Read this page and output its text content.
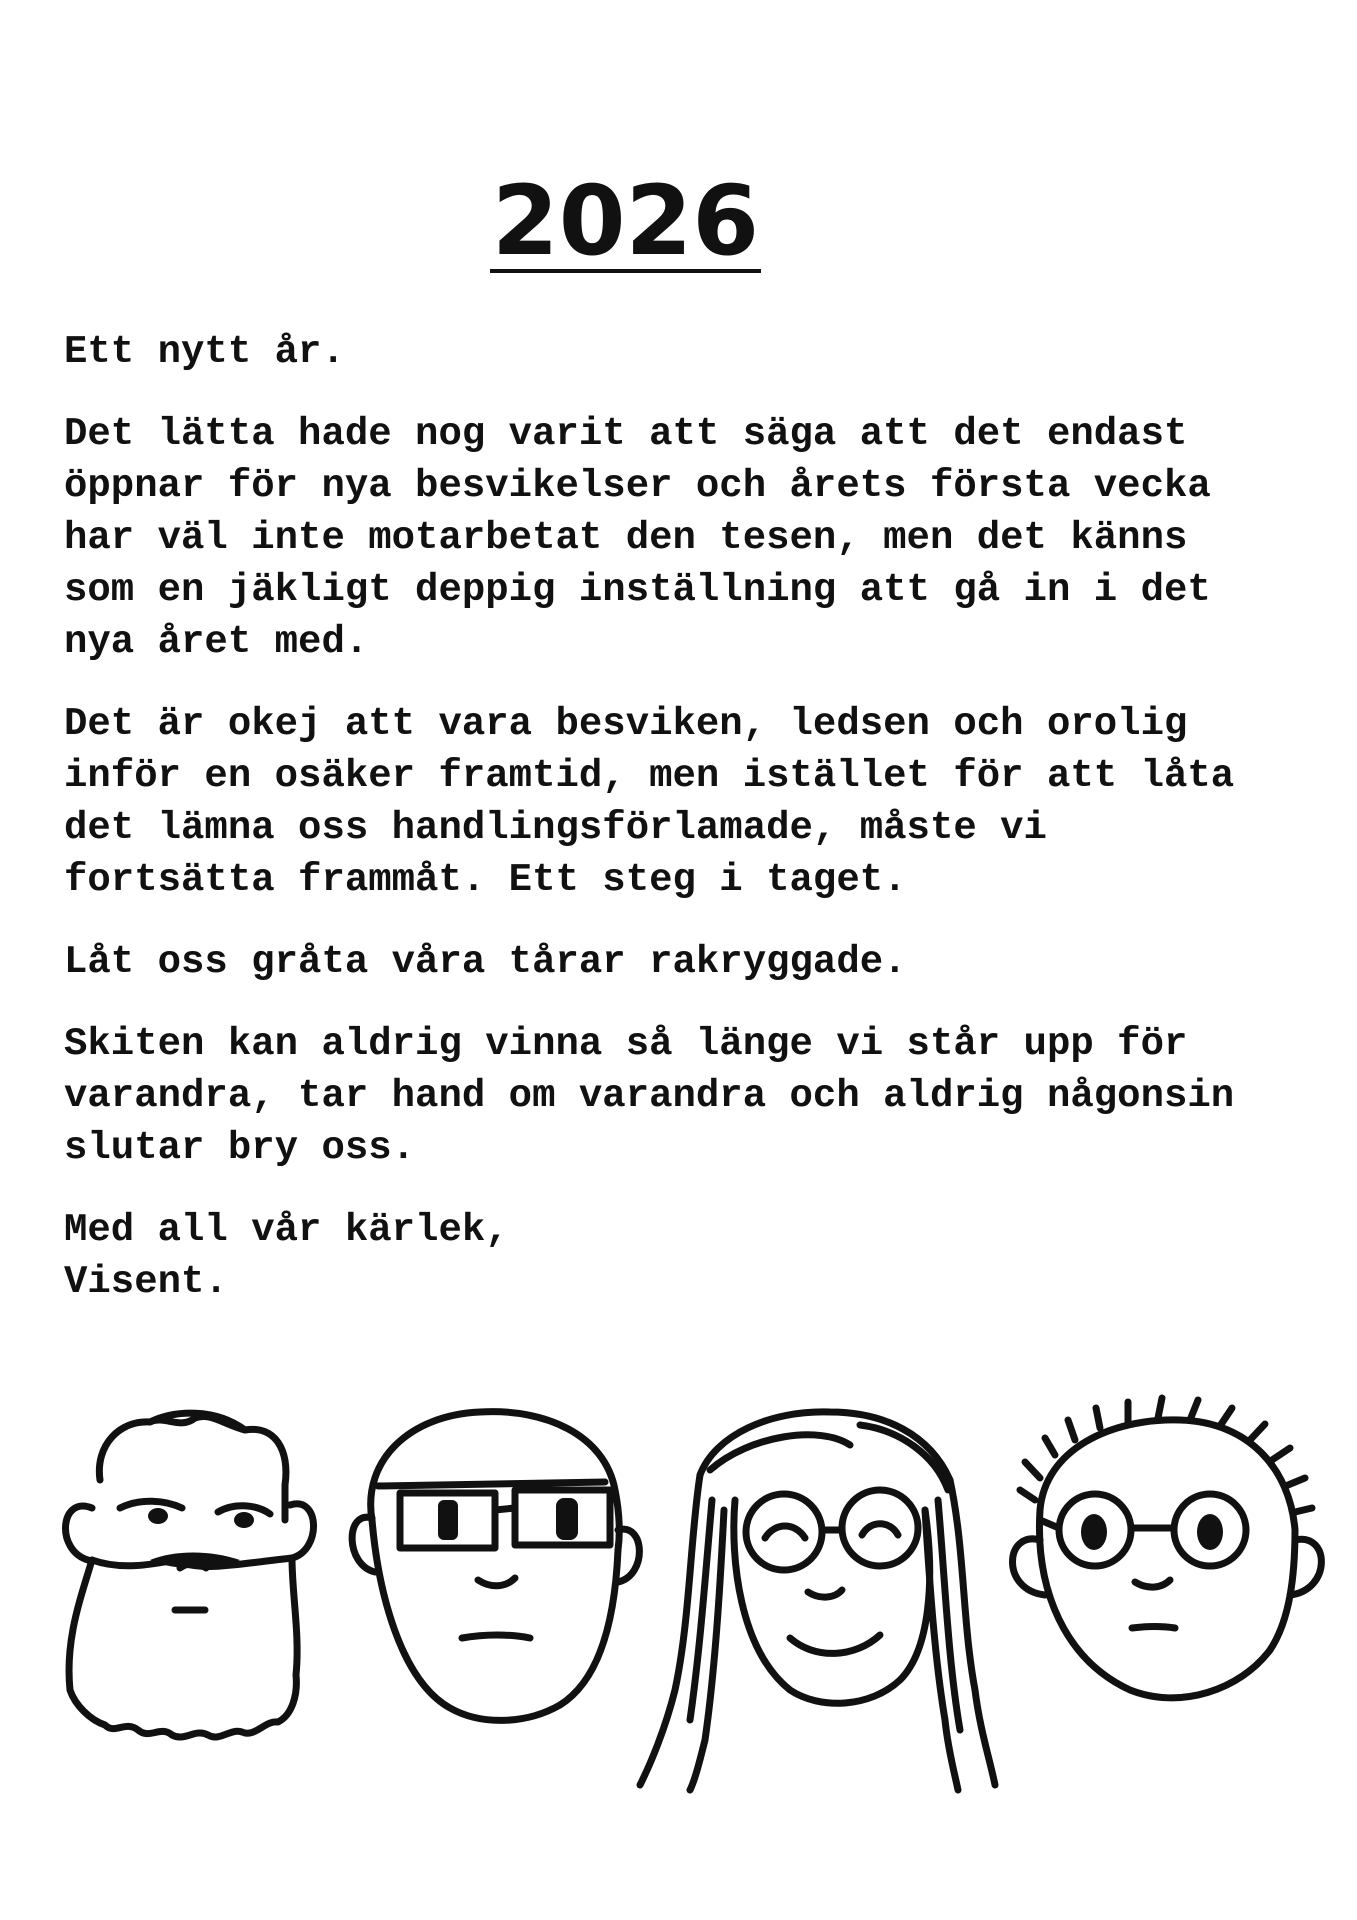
2026

Ett nytt år.

Det lätta hade nog varit att säga att det endast
öppnar för nya besvikelser och årets första vecka
har väl inte motarbetat den tesen, men det känns
som en jäkligt deppig inställning att gå in i det
nya året med.

Det är okej att vara besviken, ledsen och orolig
inför en osäker framtid, men istället för att låta
det lämna oss handlingsförlamade, måste vi
fortsätta frammåt. Ett steg i taget.

Låt oss gråta våra tårar rakryggade.

Skiten kan aldrig vinna så länge vi står upp för
varandra, tar hand om varandra och aldrig någonsin
slutar bry oss.

Med all vår kärlek,
Visent.
